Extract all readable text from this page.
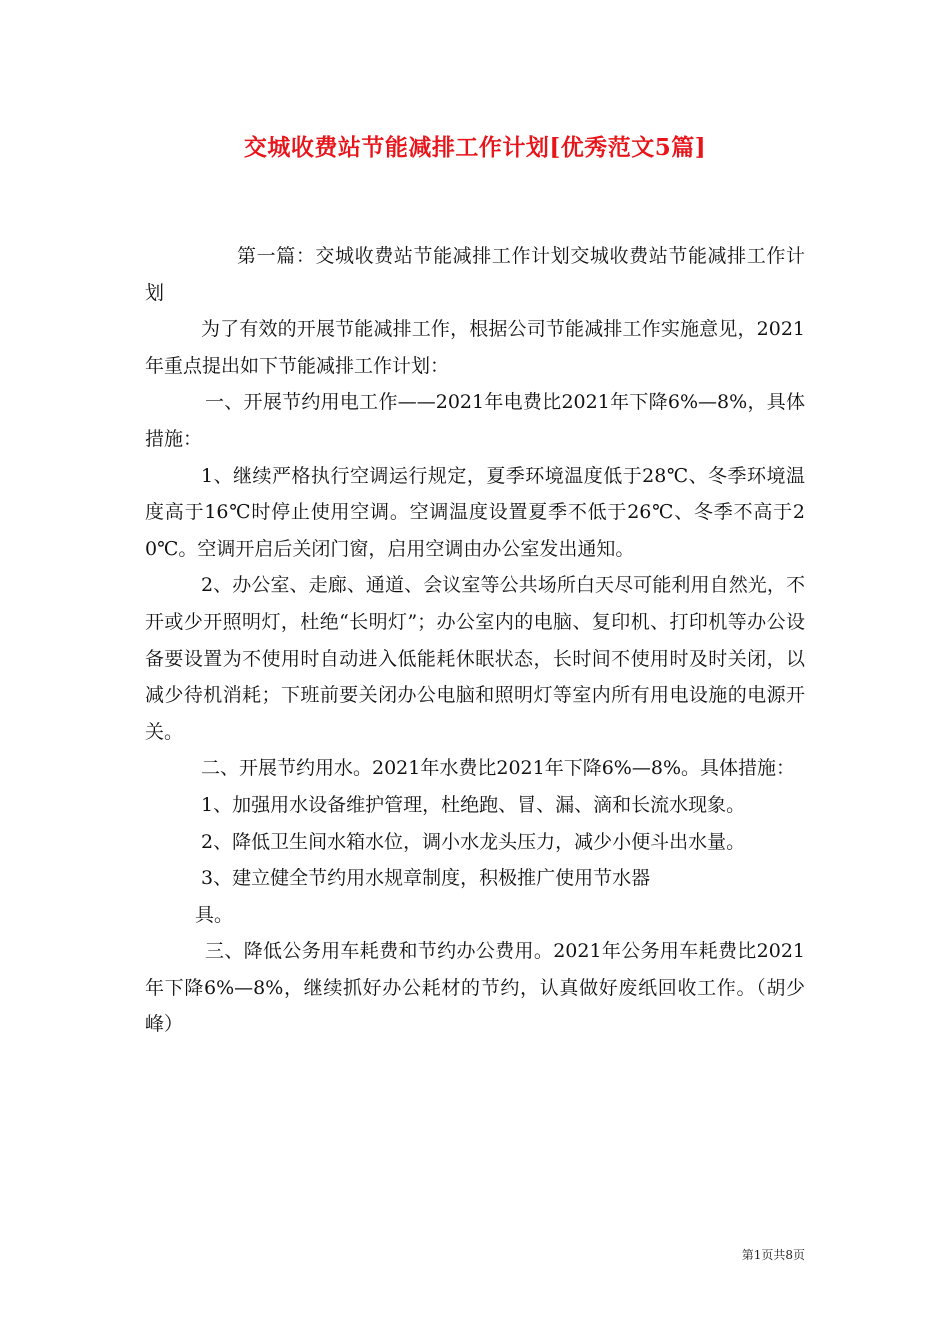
交城收费站节能减排工作计划[优秀范文5篇]

第一篇：交城收费站节能减排工作计划交城收费站节能减排工作计划

为了有效的开展节能减排工作，根据公司节能减排工作实施意见，2021年重点提出如下节能减排工作计划：

一、开展节约用电工作——2021年电费比2021年下降6%—8%，具体措施：

1、继续严格执行空调运行规定，夏季环境温度低于28℃、冬季环境温度高于16℃时停止使用空调。空调温度设置夏季不低于26℃、冬季不高于20℃。空调开启后关闭门窗，启用空调由办公室发出通知。

2、办公室、走廊、通道、会议室等公共场所白天尽可能利用自然光，不开或少开照明灯，杜绝“长明灯”；办公室内的电脑、复印机、打印机等办公设备要设置为不使用时自动进入低能耗休眠状态，长时间不使用时及时关闭，以减少待机消耗；下班前要关闭办公电脑和照明灯等室内所有用电设施的电源开关。

二、开展节约用水。2021年水费比2021年下降6%—8%。具体措施：

1、加强用水设备维护管理，杜绝跑、冒、漏、滴和长流水现象。

2、降低卫生间水箱水位，调小水龙头压力，减少小便斗出水量。

3、建立健全节约用水规章制度，积极推广使用节水器

具。

三、降低公务用车耗费和节约办公费用。2021年公务用车耗费比2021年下降6%—8%，继续抓好办公耗材的节约，认真做好废纸回收工作。（胡少峰）

第1页共8页
